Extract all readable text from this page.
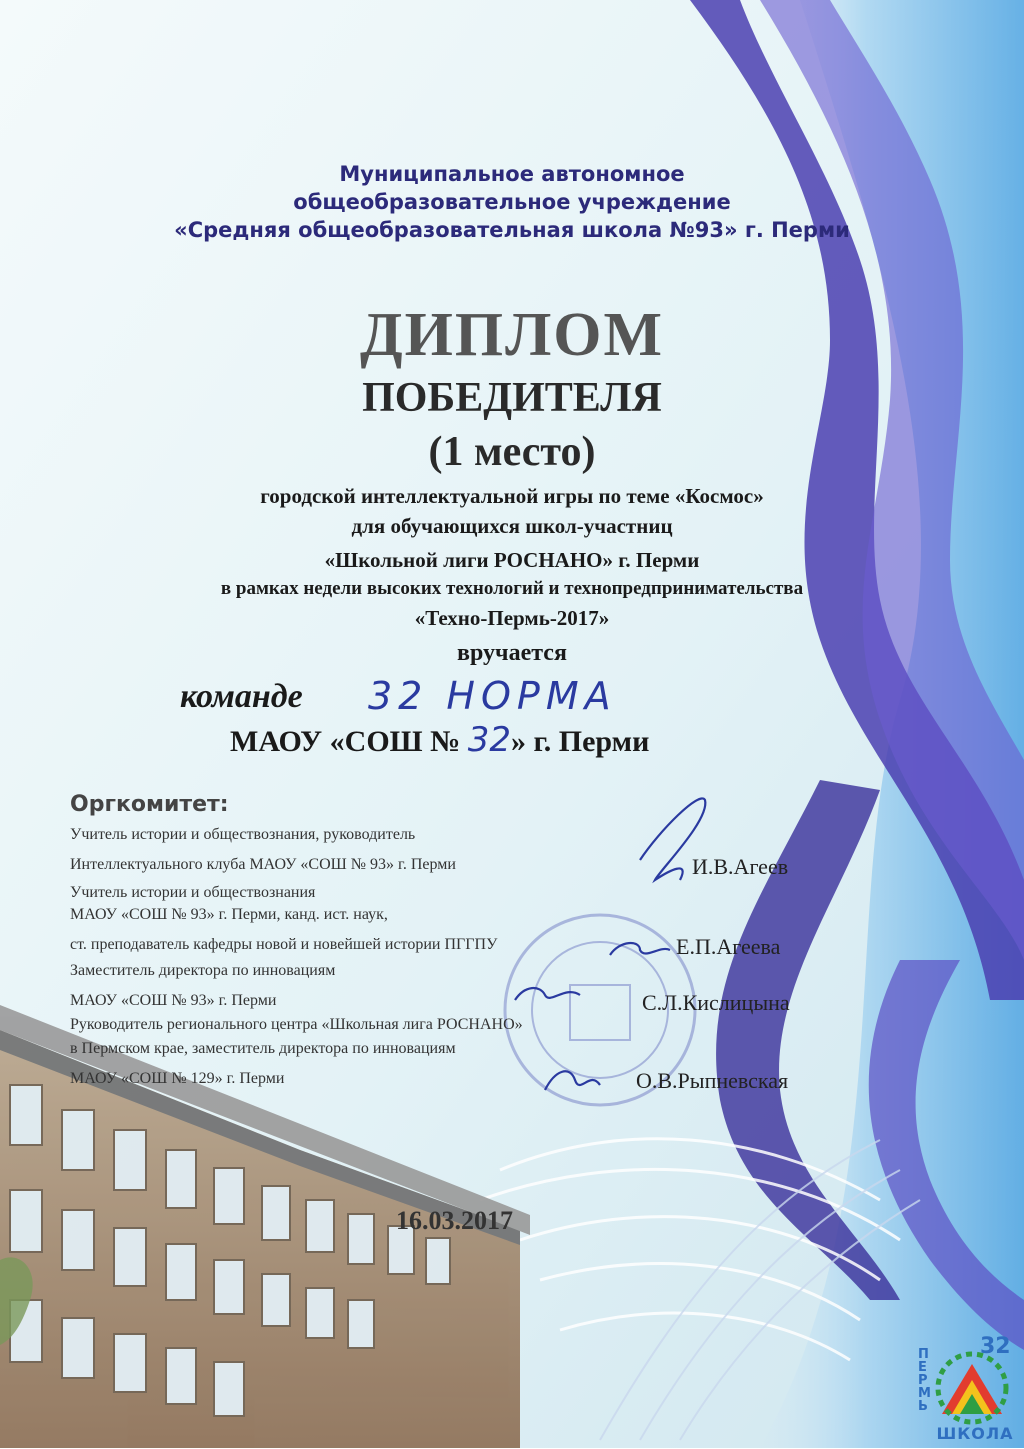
Муниципальное автономное
общеобразовательное учреждение
«Средняя общеобразовательная школа №93» г. Перми
ДИПЛОМ
ПОБЕДИТЕЛЯ
(1 место)
городской интеллектуальной игры по теме «Космос»
для обучающихся школ-участниц
«Школьной лиги РОСНАНО» г. Перми
в рамках недели высоких технологий и технопредпринимательства
«Техно-Пермь-2017»
вручается
команде 32 НОРМА
МАОУ «СОШ № 32» г. Перми
Оргкомитет:
Учитель истории и обществознания, руководитель
Интеллектуального клуба МАОУ «СОШ № 93» г. Перми	И.В.Агеев
Учитель истории и обществознания
МАОУ «СОШ № 93» г. Перми, канд. ист. наук,
ст. преподаватель кафедры новой и новейшей истории ПГГПУ	Е.П.Агеева
Заместитель директора по инновациям
МАОУ «СОШ № 93» г. Перми	С.Л.Кислицына
Руководитель регионального центра «Школьная лига РОСНАНО»
в Пермском крае, заместитель директора по инновациям
МАОУ «СОШ № 129» г. Перми	О.В.Рыпневская
16.03.2017
32
ПЕРМЬ
ШКОЛА
